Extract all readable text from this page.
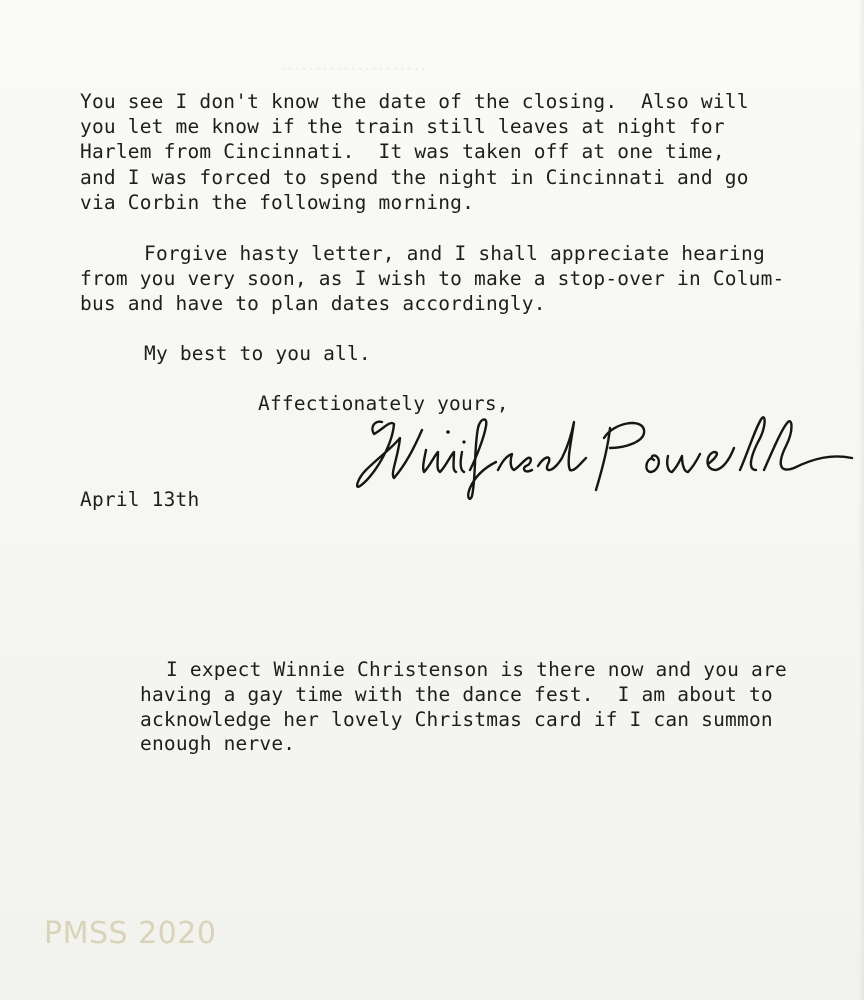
·····················
You see I don't know the date of the closing.  Also will
you let me know if the train still leaves at night for
Harlem from Cincinnati.  It was taken off at one time,
and I was forced to spend the night in Cincinnati and go
via Corbin the following morning.
Forgive hasty letter, and I shall appreciate hearing
from you very soon, as I wish to make a stop-over in Colum-
bus and have to plan dates accordingly.
My best to you all.
Affectionately yours,
April 13th
I expect Winnie Christenson is there now and you are
having a gay time with the dance fest.  I am about to
acknowledge her lovely Christmas card if I can summon
enough nerve.
PMSS 2020
